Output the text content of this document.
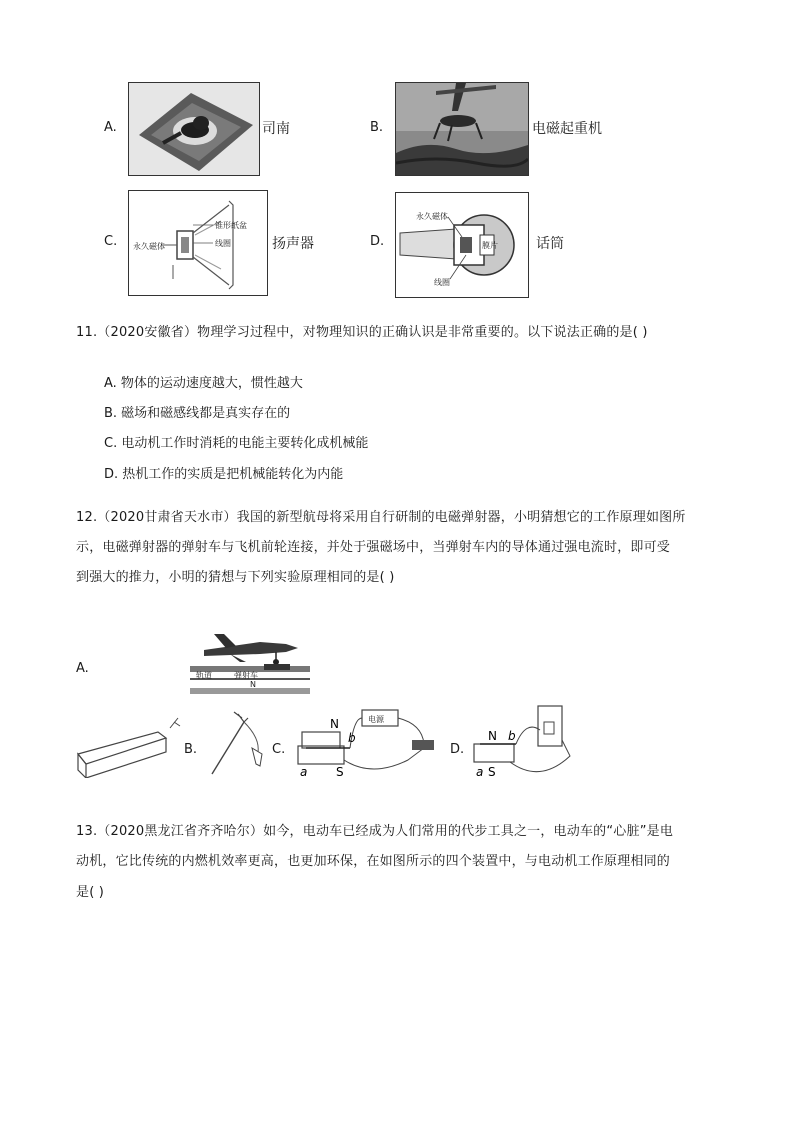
A.	司南	B.	电磁起重机
C. 永久磁体
锥形纸盆
线圈	扬声器	D.
永久磁体
膜片
线圈
话筒
11.（2020安徽省）物理学习过程中，对物理知识的正确认识是非常重要的。以下说法正确的是( )
A. 物体的运动速度越大，惯性越大
B. 磁场和磁感线都是真实存在的
C. 电动机工作时消耗的电能主要转化成机械能
D. 热机工作的实质是把机械能转化为内能
12.（2020甘肃省天水市）我国的新型航母将采用自行研制的电磁弹射器，小明猜想它的工作原理如图所
示，电磁弹射器的弹射车与飞机前轮连接，并处于强磁场中，当弹射车内的导体通过强电流时，即可受
到强大的推力，小明的猜想与下列实验原理相同的是( )
A.	轨道	弹射车
N
B.	C.
N
S
a
b
电源
D.
N b
a S
13.（2020黑龙江省齐齐哈尔）如今，电动车已经成为人们常用的代步工具之一，电动车的“心脏”是电
动机，它比传统的内燃机效率更高，也更加环保，在如图所示的四个装置中，与电动机工作原理相同的
是( )
